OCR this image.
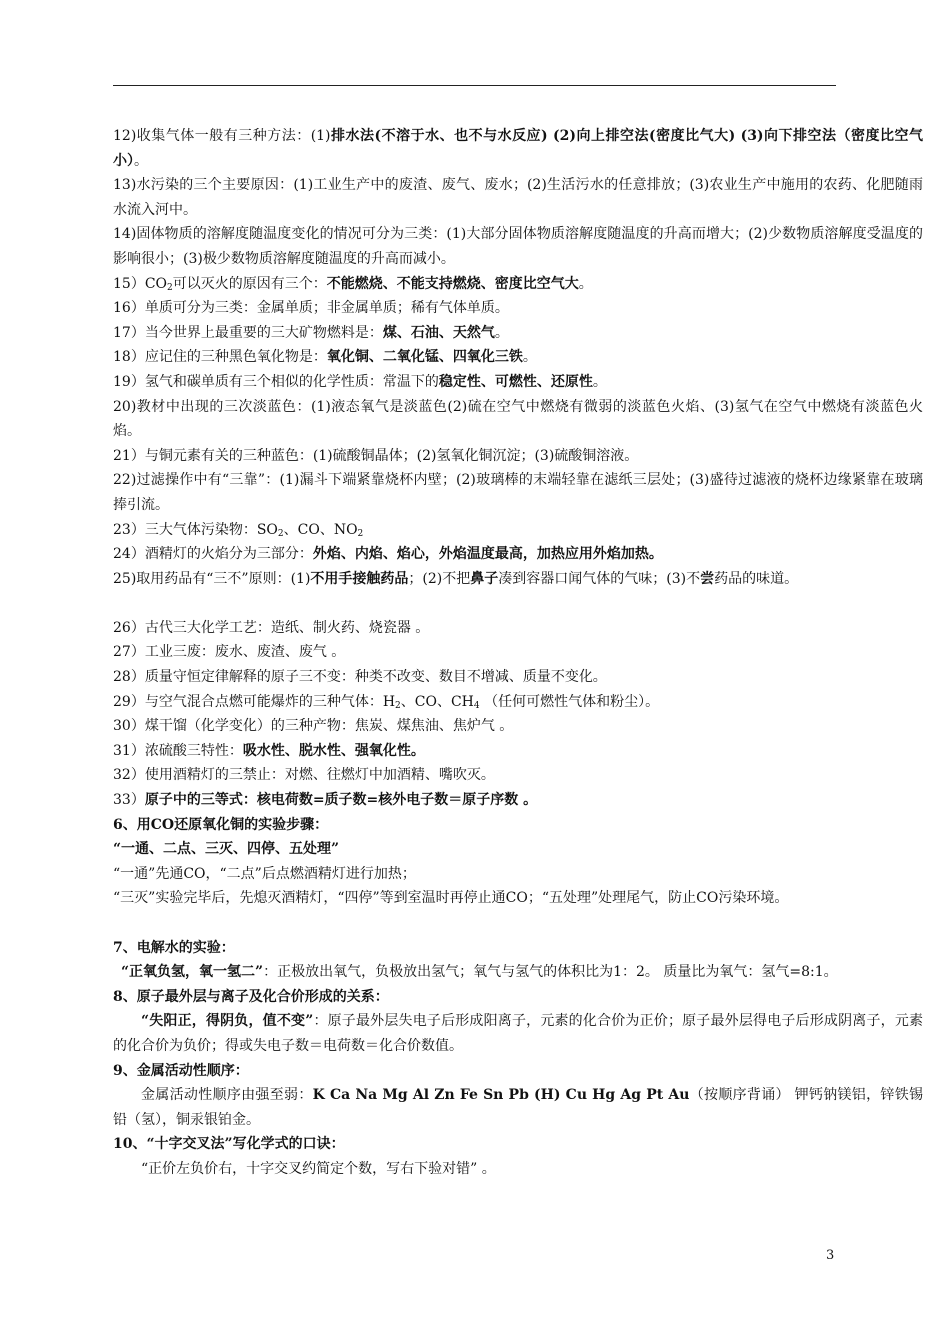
12)收集气体一般有三种方法：(1)排水法(不溶于水、也不与水反应) (2)向上排空法(密度比气大) (3)向下排空法（密度比空气小）。

13)水污染的三个主要原因：(1)工业生产中的废渣、废气、废水；(2)生活污水的任意排放；(3)农业生产中施用的农药、化肥随雨水流入河中。

14)固体物质的溶解度随温度变化的情况可分为三类：(1)大部分固体物质溶解度随温度的升高而增大；(2)少数物质溶解度受温度的影响很小；(3)极少数物质溶解度随温度的升高而减小。

$15)CO_2$可以灭火的原因有三个：不能燃烧、不能支持燃烧、密度比空气大。

16）单质可分为三类：金属单质；非金属单质；稀有气体单质。

17）当今世界上最重要的三大矿物燃料是：煤、石油、天然气。

18）应记住的三种黑色氧化物是：氧化铜、二氧化锰、四氧化三铁。

19）氢气和碳单质有三个相似的化学性质：常温下的稳定性、可燃性、还原性。

20)教材中出现的三次淡蓝色：(1)液态氧气是淡蓝色(2)硫在空气中燃烧有微弱的淡蓝色火焰、(3)氢气在空气中燃烧有淡蓝色火焰。

21）与铜元素有关的三种蓝色：(1)硫酸铜晶体；(2)氢氧化铜沉淀；(3)硫酸铜溶液。

22)过滤操作中有“三靠”：(1)漏斗下端紧靠烧杯内壁；(2)玻璃棒的末端轻靠在滤纸三层处；(3)盛待过滤液的烧杯边缘紧靠在玻璃捧引流。

23）三大气体污染物：$SO_2$、CO、$NO_2$

24）酒精灯的火焰分为三部分：外焰、内焰、焰心，外焰温度最高，加热应用外焰加热。

25)取用药品有“三不”原则：(1)不用手接触药品；(2)不把鼻子凑到容器口闻气体的气味；(3)不尝药品的味道。

26）古代三大化学工艺：造纸、制火药、烧瓷器 。

27）工业三废：废水、废渣、废气 。

28）质量守恒定律解释的原子三不变：种类不改变、数目不增减、质量不变化。

29）与空气混合点燃可能爆炸的三种气体：$H_2$、CO、$CH_4$ （任何可燃性气体和粉尘）。

30）煤干馏（化学变化）的三种产物：焦炭、煤焦油、焦炉气 。

31）浓硫酸三特性：吸水性、脱水性、强氧化性。

32）使用酒精灯的三禁止：对燃、往燃灯中加酒精、嘴吹灭。

33）原子中的三等式：核电荷数=质子数=核外电子数＝原子序数 。

6、用CO还原氧化铜的实验步骤：

“一通、二点、三灭、四停、五处理”

“一通”先通CO，“二点”后点燃酒精灯进行加热；

“三灭”实验完毕后，先熄灭酒精灯，“四停”等到室温时再停止通CO；“五处理”处理尾气，防止CO污染环境。

7、电解水的实验：

“正氧负氢，氧一氢二”：正极放出氧气，负极放出氢气；氧气与氢气的体积比为1：2。 质量比为氧气：氢气=8:1。

8、原子最外层与离子及化合价形成的关系：

“失阳正，得阴负，值不变”：原子最外层失电子后形成阳离子，元素的化合价为正价；原子最外层得电子后形成阴离子，元素的化合价为负价；得或失电子数＝电荷数＝化合价数值。

9、金属活动性顺序：

金属活动性顺序由强至弱：K Ca Na Mg Al Zn Fe Sn Pb (H) Cu Hg Ag Pt Au（按顺序背诵） 钾钙钠镁铝，锌铁锡铅（氢），铜汞银铂金。

10、“十字交叉法”写化学式的口诀：

“正价左负价右，十字交叉约简定个数，写右下验对错” 。

3
